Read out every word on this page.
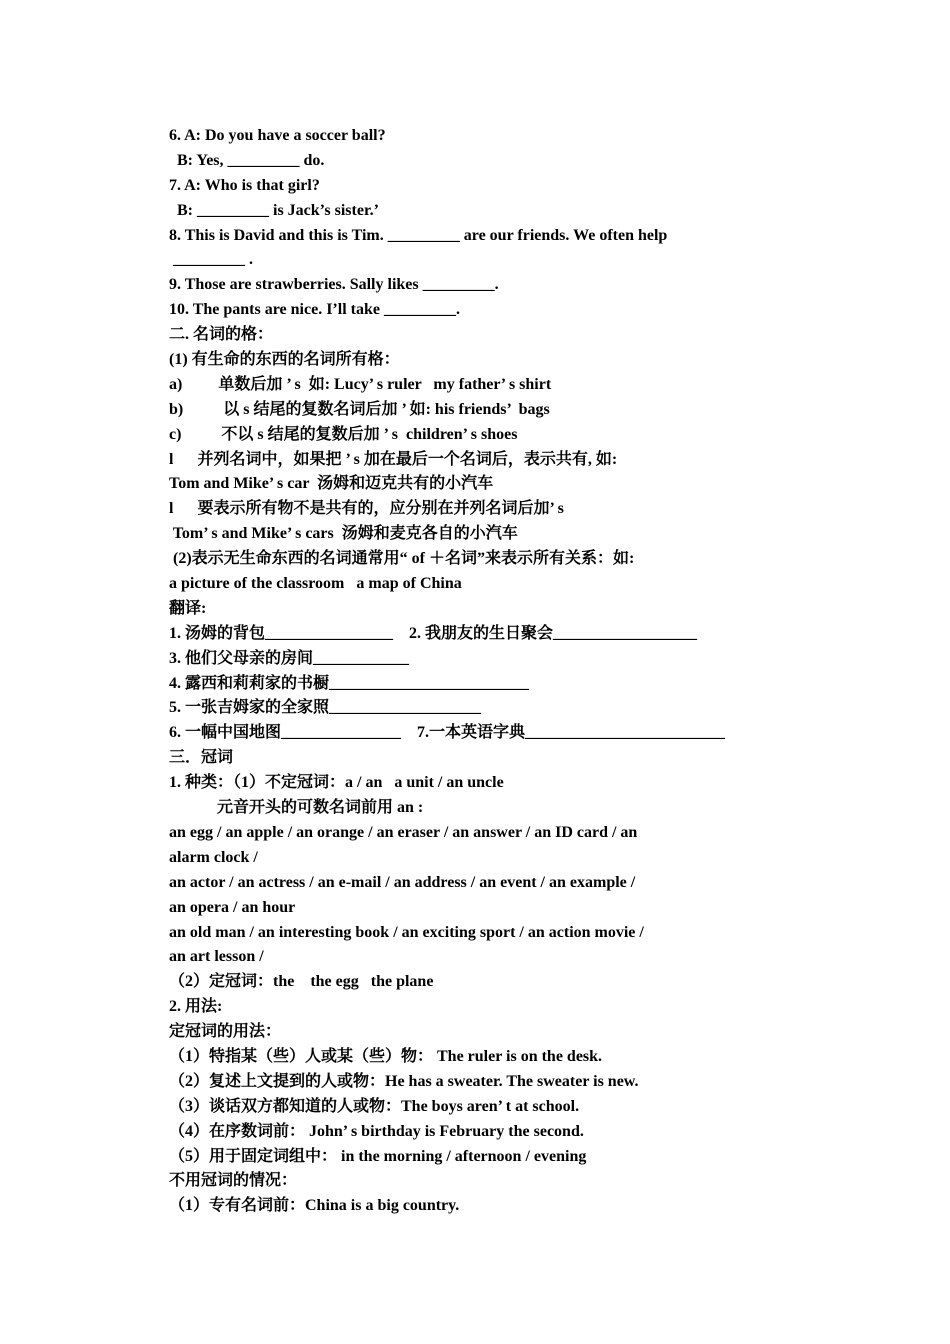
6. A: Do you have a soccer ball?
B: Yes, _________ do.
7. A: Who is that girl?
B: _________ is Jack’s sister.’
8. This is David and this is Tim. _________ are our friends. We often help
_________ .
9. Those are strawberries. Sally likes _________.
10. The pants are nice. I’ll take _________.
二. 名词的格：
(1) 有生命的东西的名词所有格：
a)         单数后加 ’ s  如: Lucy’ s ruler   my father’ s shirt
b)          以 s 结尾的复数名词后加 ’ 如: his friends’  bags
c)          不以 s 结尾的复数后加 ’ s  children’ s shoes
l      并列名词中，如果把 ’ s 加在最后一个名词后，表示共有, 如:
Tom and Mike’ s car  汤姆和迈克共有的小汽车
l      要表示所有物不是共有的，应分别在并列名词后加’ s
Tom’ s and Mike’ s cars  汤姆和麦克各自的小汽车
(2)表示无生命东西的名词通常用“ of ＋名词”来表示所有关系：如:
a picture of the classroom   a map of China
翻译:
1. 汤姆的背包________________    2. 我朋友的生日聚会__________________
3. 他们父母亲的房间____________
4. 露西和莉莉家的书橱_________________________
5. 一张吉姆家的全家照___________________
6. 一幅中国地图_______________    7.一本英语字典_________________________
三．冠词
1. 种类：（1）不定冠词：a / an   a unit / an uncle
元音开头的可数名词前用 an :
an egg / an apple / an orange / an eraser / an answer / an ID card / an
alarm clock /
an actor / an actress / an e-mail / an address / an event / an example /
an opera / an hour
an old man / an interesting book / an exciting sport / an action movie /
an art lesson /
（2）定冠词：the    the egg   the plane
2. 用法:
定冠词的用法：
（1）特指某（些）人或某（些）物： The ruler is on the desk.
（2）复述上文提到的人或物：He has a sweater. The sweater is new.
（3）谈话双方都知道的人或物：The boys aren’ t at school.
（4）在序数词前： John’ s birthday is February the second.
（5）用于固定词组中： in the morning / afternoon / evening
不用冠词的情况：
（1）专有名词前：China is a big country.
